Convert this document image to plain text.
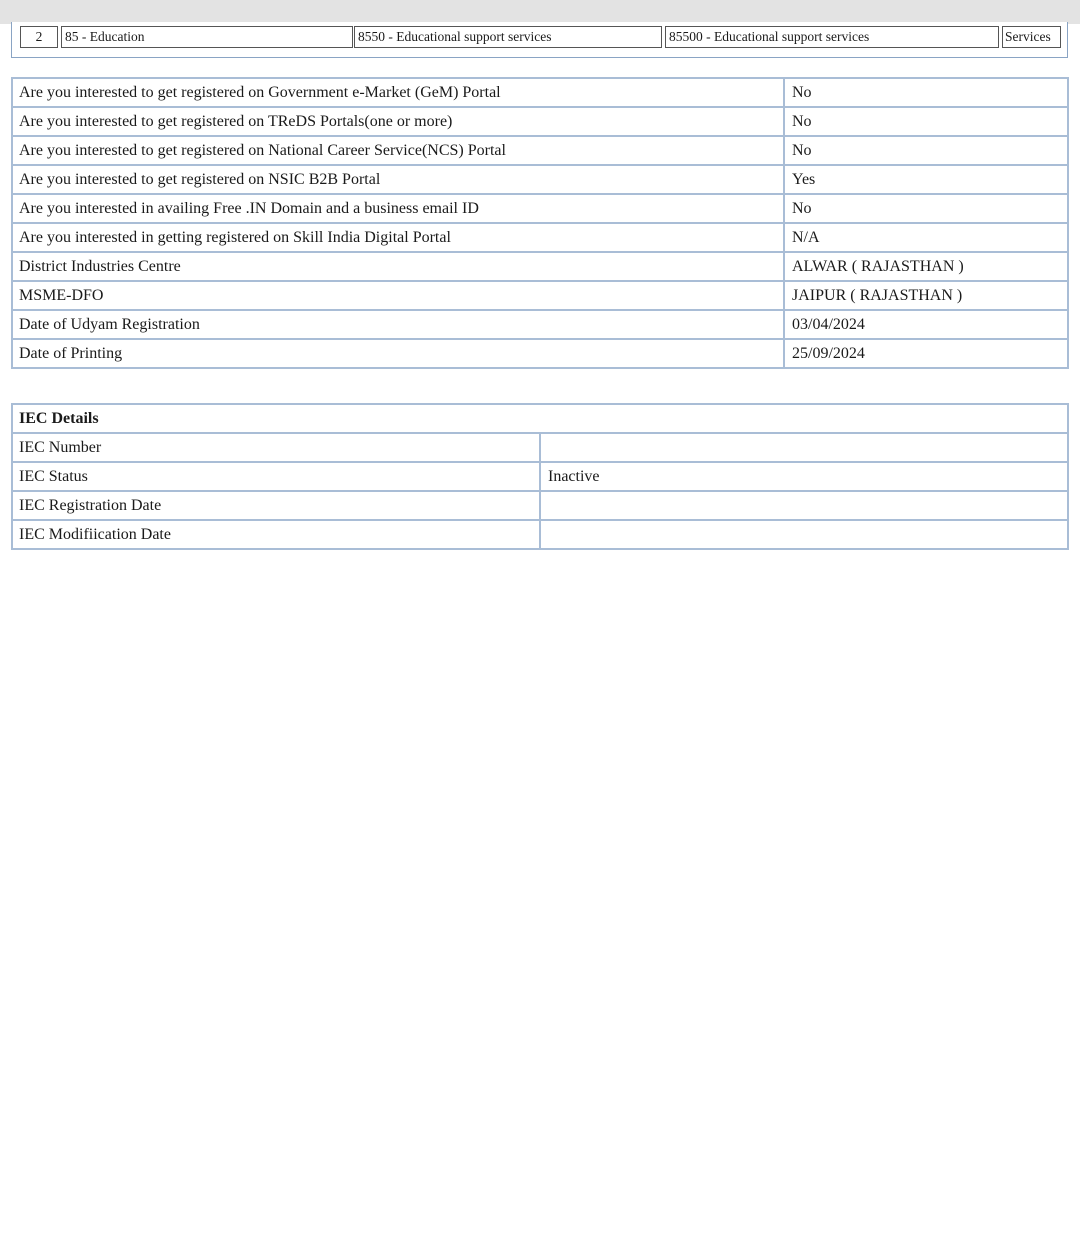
2	85 - Education	8550 - Educational support services	85500 - Educational support services	Services
Are you interested to get registered on Government e-Market (GeM) Portal	No
Are you interested to get registered on TReDS Portals(one or more)	No
Are you interested to get registered on National Career Service(NCS) Portal	No
Are you interested to get registered on NSIC B2B Portal	Yes
Are you interested in availing Free .IN Domain and a business email ID	No
Are you interested in getting registered on Skill India Digital Portal	N/A
District Industries Centre	ALWAR ( RAJASTHAN )
MSME-DFO	JAIPUR ( RAJASTHAN )
Date of Udyam Registration	03/04/2024
Date of Printing	25/09/2024
IEC Details	
IEC Number	
IEC Status	Inactive
IEC Registration Date	
IEC Modifiication Date	
